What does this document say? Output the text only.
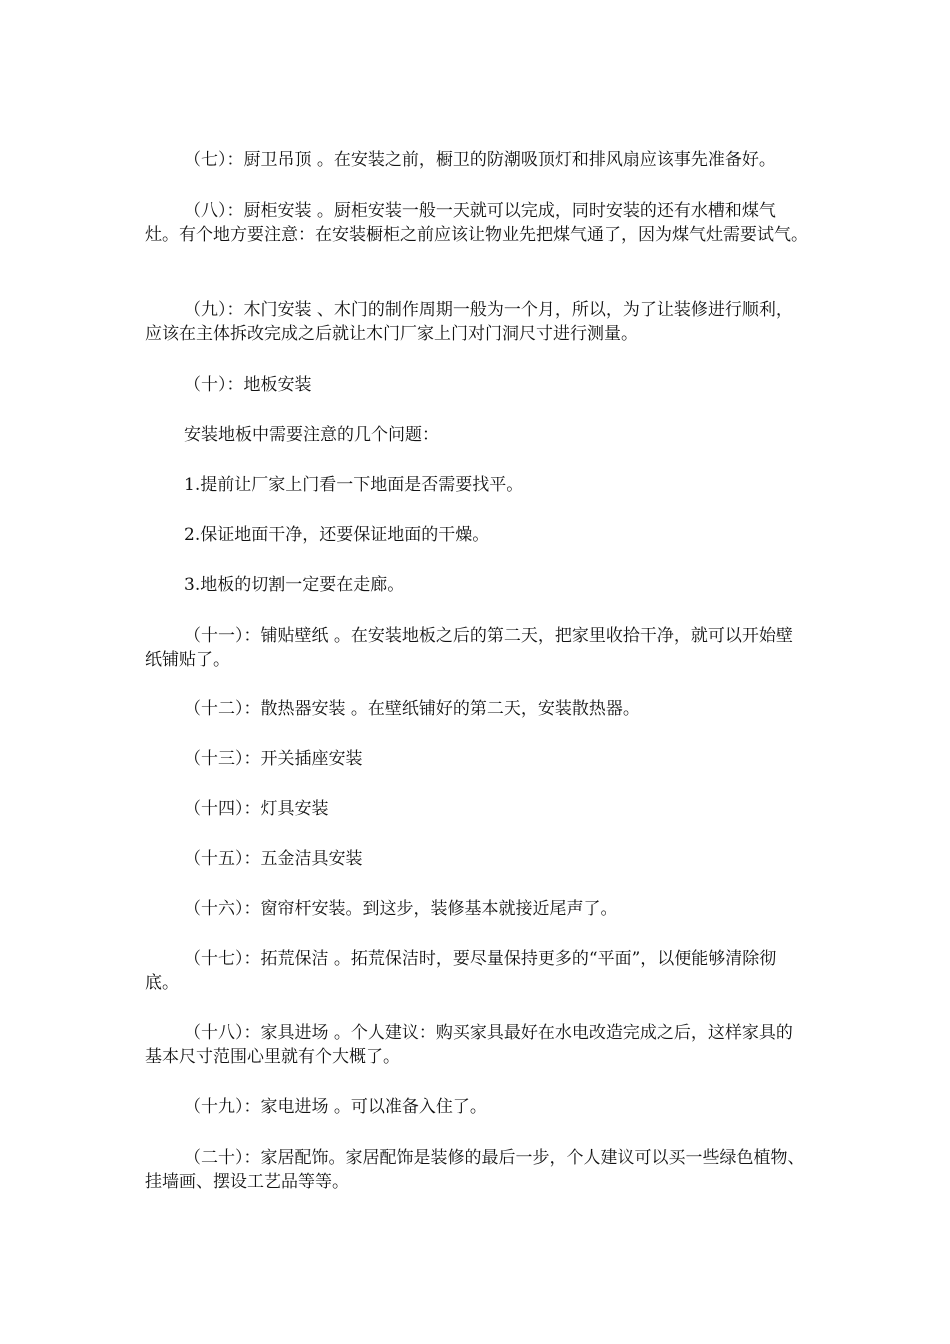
（七）：厨卫吊顶 。在安装之前，橱卫的防潮吸顶灯和排风扇应该事先准备好。

（八）：厨柜安装 。厨柜安装一般一天就可以完成，同时安装的还有水槽和煤气灶。有个地方要注意：在安装橱柜之前应该让物业先把煤气通了，因为煤气灶需要试气。

（九）：木门安装 、木门的制作周期一般为一个月，所以，为了让装修进行顺利，应该在主体拆改完成之后就让木门厂家上门对门洞尺寸进行测量。

（十）：地板安装

安装地板中需要注意的几个问题：

1.提前让厂家上门看一下地面是否需要找平。

2.保证地面干净，还要保证地面的干燥。

3.地板的切割一定要在走廊。

（十一）：铺贴壁纸 。在安装地板之后的第二天，把家里收拾干净，就可以开始壁纸铺贴了。

（十二）：散热器安装 。在壁纸铺好的第二天，安装散热器。

（十三）：开关插座安装

（十四）：灯具安装

（十五）：五金洁具安装

（十六）：窗帘杆安装。到这步，装修基本就接近尾声了。

（十七）：拓荒保洁 。拓荒保洁时，要尽量保持更多的“平面”，以便能够清除彻底。

（十八）：家具进场 。个人建议：购买家具最好在水电改造完成之后，这样家具的基本尺寸范围心里就有个大概了。

（十九）：家电进场 。可以准备入住了。

（二十）：家居配饰。家居配饰是装修的最后一步，个人建议可以买一些绿色植物、挂墙画、摆设工艺品等等。
